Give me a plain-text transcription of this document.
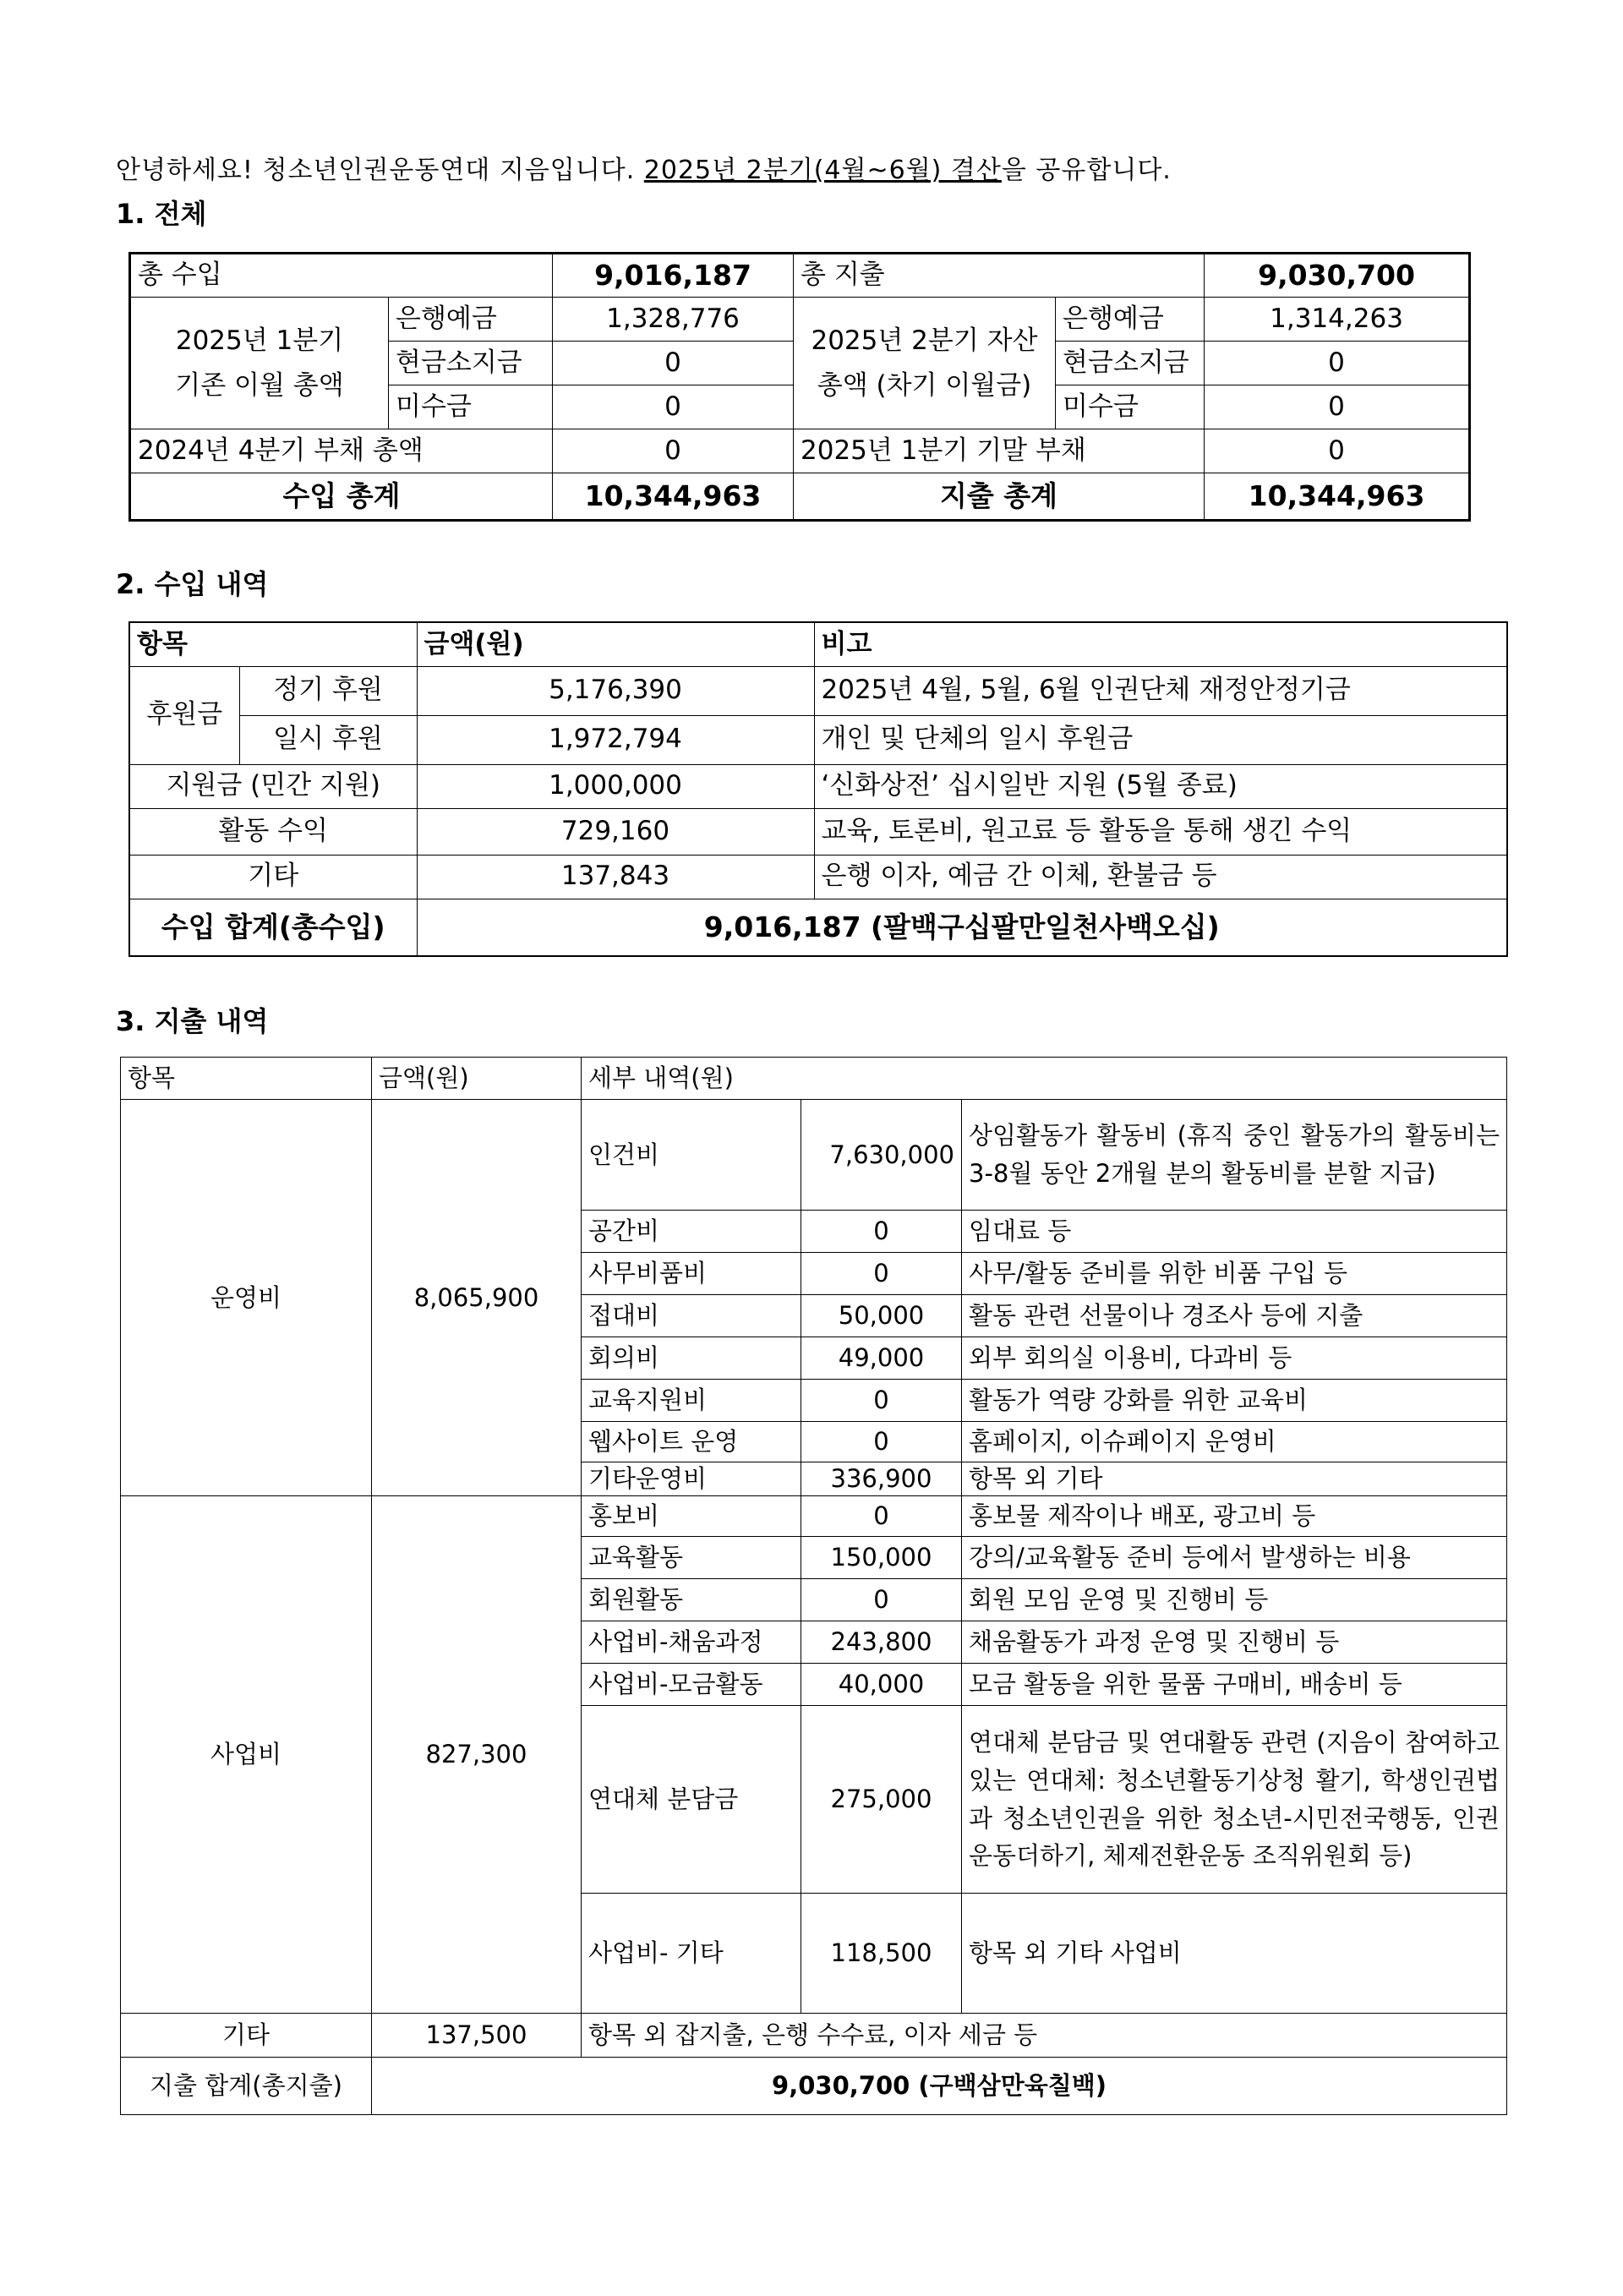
안녕하세요! 청소년인권운동연대 지음입니다. 2025년 2분기(4월~6월) 결산을 공유합니다.
1. 전체
총 수입		9,016,187	총 지출		9,030,700
2025년 1분기 기존 이월 총액	은행예금	1,328,776	2025년 2분기 자산 총액 (차기 이월금)	은행예금	1,314,263
	현금소지금	0		현금소지금	0
	미수금	0		미수금	0
2024년 4분기 부채 총액		0	2025년 1분기 기말 부채		0
수입 총계		10,344,963	지출 총계		10,344,963
2. 수입 내역
항목		금액(원)	비고
후원금	정기 후원	5,176,390	2025년 4월, 5월, 6월 인권단체 재정안정기금
	일시 후원	1,972,794	개인 및 단체의 일시 후원금
지원금 (민간 지원)		1,000,000	‘신화상전’ 십시일반 지원 (5월 종료)
활동 수익		729,160	교육, 토론비, 원고료 등 활동을 통해 생긴 수익
기타		137,843	은행 이자, 예금 간 이체, 환불금 등
수입 합계(총수입)		9,016,187 (팔백구십팔만일천사백오십)	
3. 지출 내역
항목	금액(원)	세부 내역(원)		
운영비	8,065,900	인건비	7,630,000	상임활동가 활동비 (휴직 중인 활동가의 활동비는 3-8월 동안 2개월 분의 활동비를 분할 지급)
		공간비	0	임대료 등
		사무비품비	0	사무/활동 준비를 위한 비품 구입 등
		접대비	50,000	활동 관련 선물이나 경조사 등에 지출
		회의비	49,000	외부 회의실 이용비, 다과비 등
		교육지원비	0	활동가 역량 강화를 위한 교육비
		웹사이트 운영	0	홈페이지, 이슈페이지 운영비
		기타운영비	336,900	항목 외 기타
사업비	827,300	홍보비	0	홍보물 제작이나 배포, 광고비 등
		교육활동	150,000	강의/교육활동 준비 등에서 발생하는 비용
		회원활동	0	회원 모임 운영 및 진행비 등
		사업비-채움과정	243,800	채움활동가 과정 운영 및 진행비 등
		사업비-모금활동	40,000	모금 활동을 위한 물품 구매비, 배송비 등
		연대체 분담금	275,000	연대체 분담금 및 연대활동 관련 (지음이 참여하고 있는 연대체: 청소년활동기상청 활기, 학생인권법과 청소년인권을 위한 청소년-시민전국행동, 인권운동더하기, 체제전환운동 조직위원회 등)
		사업비- 기타	118,500	항목 외 기타 사업비
기타	137,500	항목 외 잡지출, 은행 수수료, 이자 세금 등		
지출 합계(총지출)	9,030,700 (구백삼만육칠백)			
